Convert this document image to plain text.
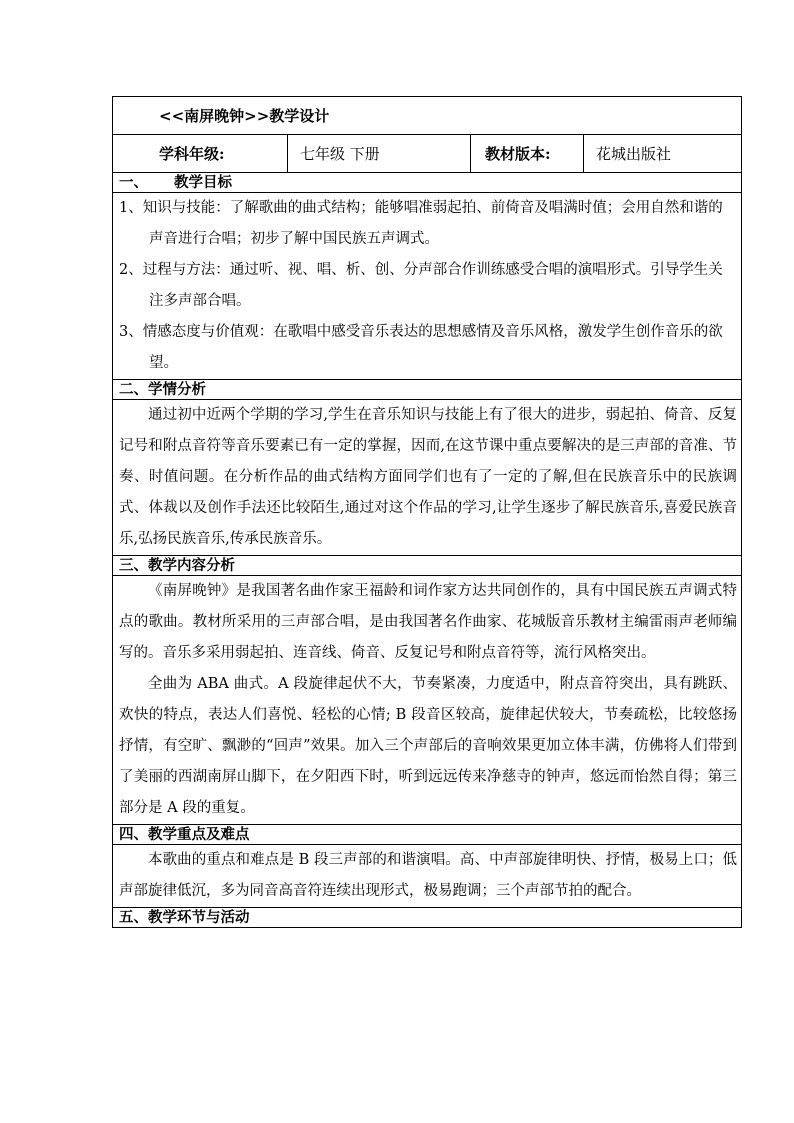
<<南屏晚钟>>教学设计
学科年级:	七年级 下册	教材版本:	花城出版社
一、 教学目标

1、知识与技能：了解歌曲的曲式结构；能够唱准弱起拍、前倚音及唱满时值；会用自然和谐的声音进行合唱；初步了解中国民族五声调式。

2、过程与方法：通过听、视、唱、析、创、分声部合作训练感受合唱的演唱形式。引导学生关注多声部合唱。

3、情感态度与价值观：在歌唱中感受音乐表达的思想感情及音乐风格，激发学生创作音乐的欲望。

二、学情分析

通过初中近两个学期的学习,学生在音乐知识与技能上有了很大的进步，弱起拍、倚音、反复记号和附点音符等音乐要素已有一定的掌握，因而,在这节课中重点要解决的是三声部的音准、节奏、时值问题。在分析作品的曲式结构方面同学们也有了一定的了解,但在民族音乐中的民族调式、体裁以及创作手法还比较陌生,通过对这个作品的学习,让学生逐步了解民族音乐,喜爱民族音乐,弘扬民族音乐,传承民族音乐。

三、教学内容分析

《南屏晚钟》是我国著名曲作家王福龄和词作家方达共同创作的，具有中国民族五声调式特点的歌曲。教材所采用的三声部合唱，是由我国著名作曲家、花城版音乐教材主编雷雨声老师编写的。音乐多采用弱起拍、连音线、倚音、反复记号和附点音符等，流行风格突出。

全曲为 ABA 曲式。A 段旋律起伏不大，节奏紧凑，力度适中，附点音符突出，具有跳跃、欢快的特点，表达人们喜悦、轻松的心情; B 段音区较高，旋律起伏较大，节奏疏松，比较悠扬抒情，有空旷、飘渺的“回声”效果。加入三个声部后的音响效果更加立体丰满，仿佛将人们带到了美丽的西湖南屏山脚下，在夕阳西下时，听到远远传来净慈寺的钟声，悠远而怡然自得；第三部分是 A 段的重复。

四、教学重点及难点

本歌曲的重点和难点是 B 段三声部的和谐演唱。高、中声部旋律明快、抒情，极易上口；低声部旋律低沉，多为同音高音符连续出现形式，极易跑调；三个声部节拍的配合。

五、教学环节与活动
